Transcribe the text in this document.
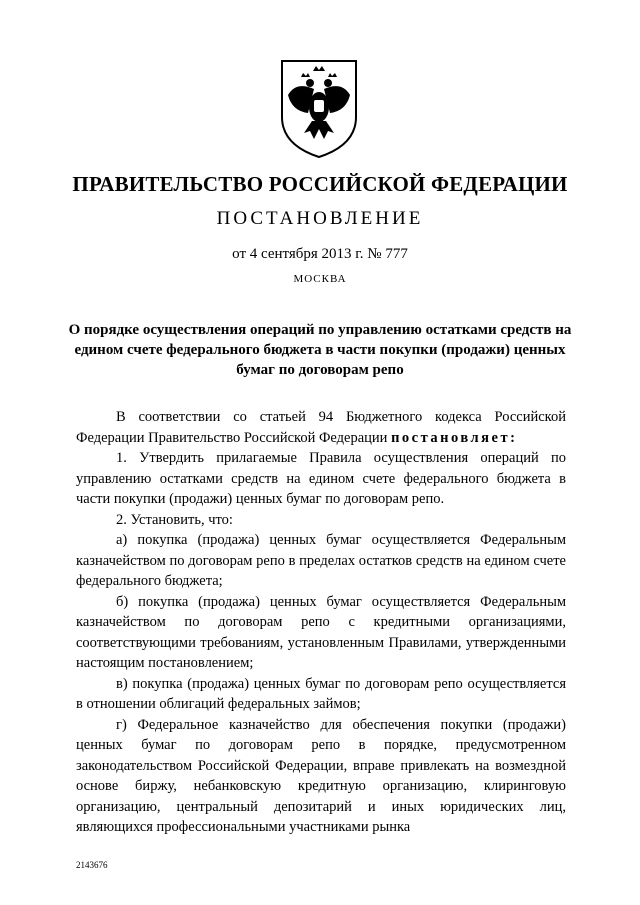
ПРАВИТЕЛЬСТВО РОССИЙСКОЙ ФЕДЕРАЦИИ
ПОСТАНОВЛЕНИЕ
от 4 сентября 2013 г. № 777
МОСКВА
О порядке осуществления операций по управлению остатками средств на едином счете федерального бюджета в части покупки (продажи) ценных бумаг по договорам репо

В соответствии со статьей 94 Бюджетного кодекса Российской Федерации Правительство Российской Федерации постановляет:

1. Утвердить прилагаемые Правила осуществления операций по управлению остатками средств на едином счете федерального бюджета в части покупки (продажи) ценных бумаг по договорам репо.

2. Установить, что:

а) покупка (продажа) ценных бумаг осуществляется Федеральным казначейством по договорам репо в пределах остатков средств на едином счете федерального бюджета;

б) покупка (продажа) ценных бумаг осуществляется Федеральным казначейством по договорам репо с кредитными организациями, соответствующими требованиям, установленным Правилами, утвержденными настоящим постановлением;

в) покупка (продажа) ценных бумаг по договорам репо осуществляется в отношении облигаций федеральных займов;

г) Федеральное казначейство для обеспечения покупки (продажи) ценных бумаг по договорам репо в порядке, предусмотренном законодательством Российской Федерации, вправе привлекать на возмездной основе биржу, небанковскую кредитную организацию, клиринговую организацию, центральный депозитарий и иных юридических лиц, являющихся профессиональными участниками рынка

2143676
